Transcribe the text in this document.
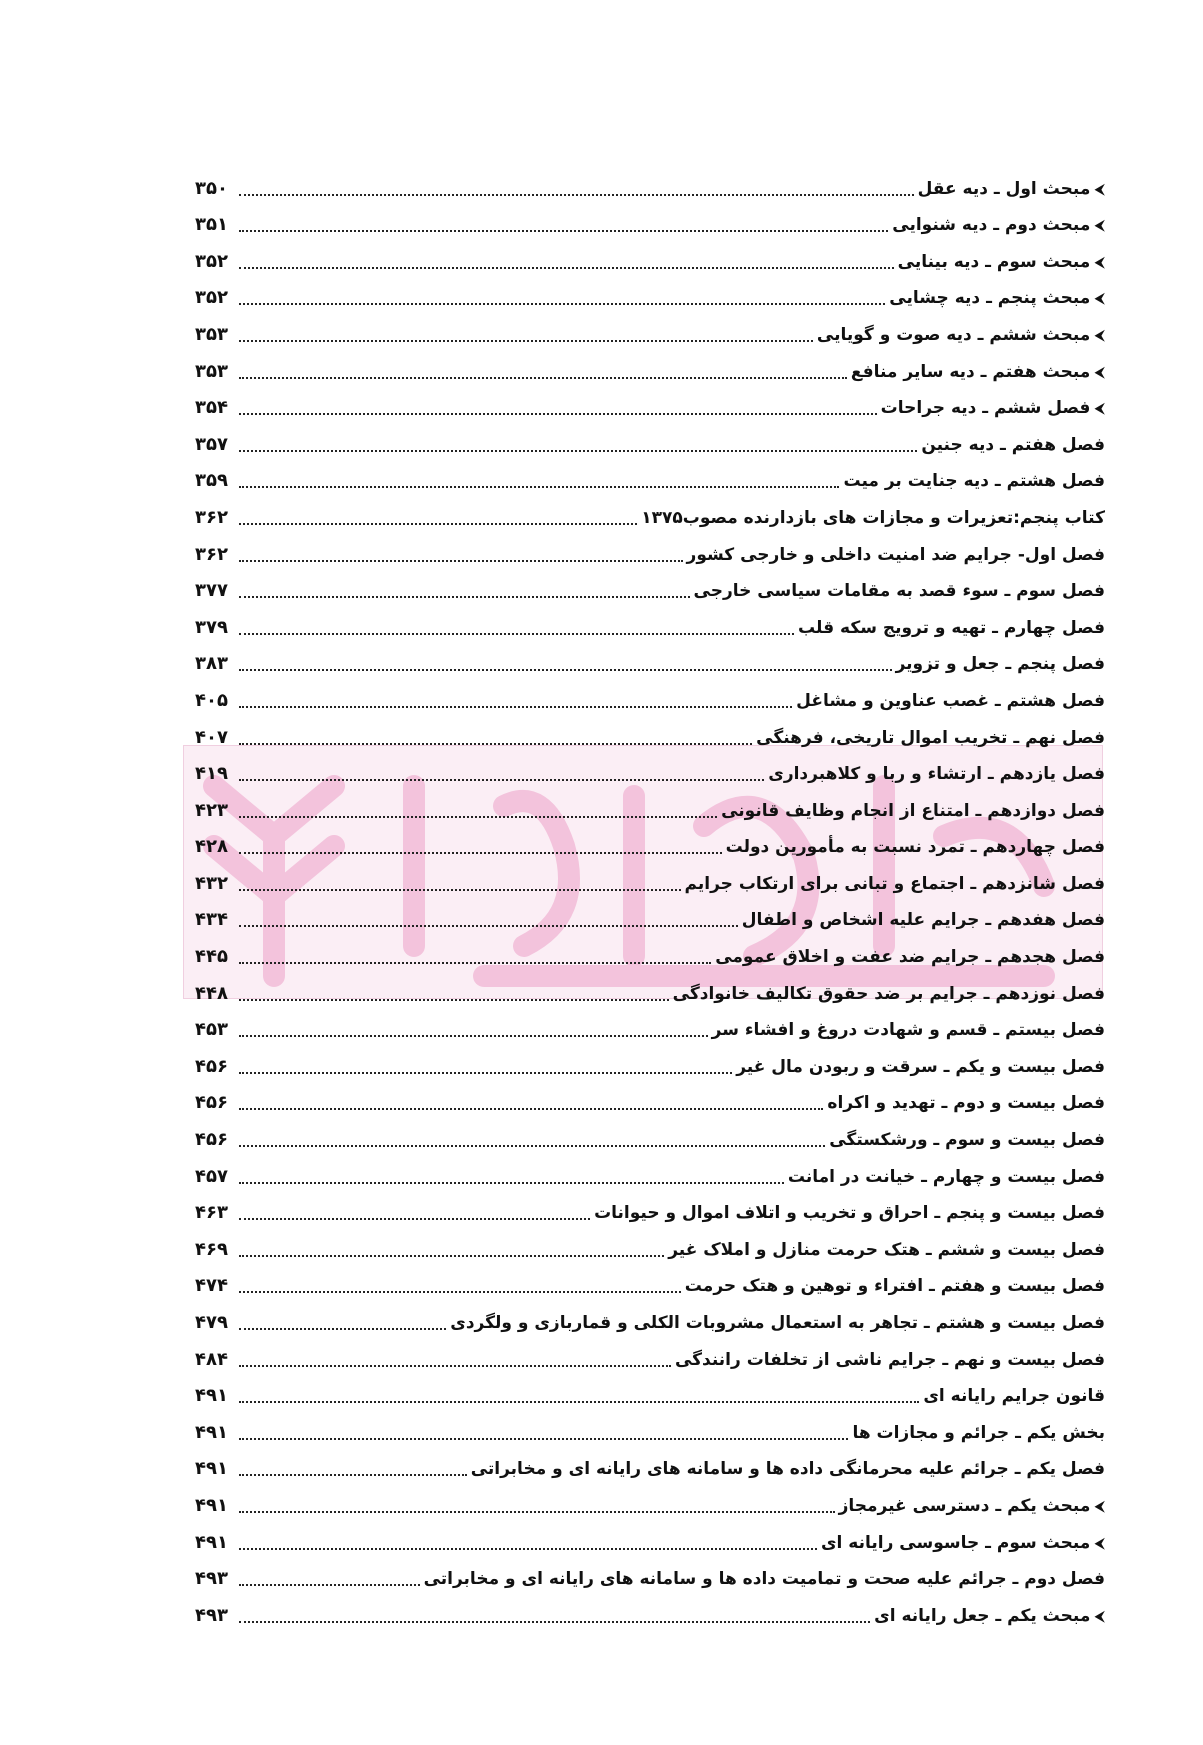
⮜
مبحث اول ـ دیه عقل
۳۵۰
⮜
مبحث دوم ـ دیه شنوایی
۳۵۱
⮜
مبحث سوم ـ دیه بینایی
۳۵۲
⮜
مبحث پنجم ـ دیه چشایی
۳۵۲
⮜
مبحث ششم ـ دیه صوت و گویایی
۳۵۳
⮜
مبحث هفتم ـ دیه سایر منافع
۳۵۳
⮜
فصل ششم ـ دیه جراحات
۳۵۴
فصل هفتم ـ دیه جنین
۳۵۷
فصل هشتم ـ دیه جنایت بر میت
۳۵۹
کتاب پنجم:تعزیرات و مجازات های بازدارنده مصوب۱۳۷۵
۳۶۲
فصل اول- جرایم ضد امنیت داخلی و خارجی کشور
۳۶۲
فصل سوم ـ سوء قصد به مقامات سیاسی خارجی
۳۷۷
فصل چهارم ـ تهیه و ترویج سکه قلب
۳۷۹
فصل پنجم ـ جعل و تزویر
۳۸۳
فصل هشتم ـ غصب عناوین و مشاغل
۴۰۵
فصل نهم ـ تخریب اموال تاریخی، فرهنگی
۴۰۷
فصل یازدهم ـ ارتشاء و ربا و کلاهبرداری
۴۱۹
فصل دوازدهم ـ امتناع از انجام وظایف قانونی
۴۲۳
فصل چهاردهم ـ تمرد نسبت به مأمورین دولت
۴۲۸
فصل شانزدهم ـ اجتماع و تبانی برای ارتکاب جرایم
۴۳۲
فصل هفدهم ـ جرایم علیه اشخاص و اطفال
۴۳۴
فصل هجدهم ـ جرایم ضد عفت و اخلاق عمومی
۴۴۵
فصل نوزدهم ـ جرایم بر ضد حقوق تکالیف خانوادگی
۴۴۸
فصل بیستم ـ قسم و شهادت دروغ و افشاء سر
۴۵۳
فصل بیست و یکم ـ سرقت و ربودن مال غیر
۴۵۶
فصل بیست و دوم ـ تهدید و اکراه
۴۵۶
فصل بیست و سوم ـ ورشکستگی
۴۵۶
فصل بیست و چهارم ـ خیانت در امانت
۴۵۷
فصل بیست و پنجم ـ احراق و تخریب و اتلاف اموال و حیوانات
۴۶۳
فصل بیست و ششم ـ هتک حرمت منازل و املاک غیر
۴۶۹
فصل بیست و هفتم ـ افتراء و توهین و هتک حرمت
۴۷۴
فصل بیست و هشتم ـ تجاهر به استعمال مشروبات الکلی و قماربازی و ولگردی
۴۷۹
فصل بیست و نهم ـ جرایم ناشی از تخلفات رانندگی
۴۸۴
قانون جرایم رایانه ای
۴۹۱
بخش یکم ـ جرائم و مجازات ها
۴۹۱
فصل یکم ـ جرائم علیه محرمانگی داده ها و سامانه های رایانه ای و مخابراتی
۴۹۱
⮜
مبحث یکم ـ دسترسی غیرمجاز
۴۹۱
⮜
مبحث سوم ـ جاسوسی رایانه ای
۴۹۱
فصل دوم ـ جرائم علیه صحت و تمامیت داده ها و سامانه های رایانه ای و مخابراتی
۴۹۳
⮜
مبحث یکم ـ جعل رایانه ای
۴۹۳
